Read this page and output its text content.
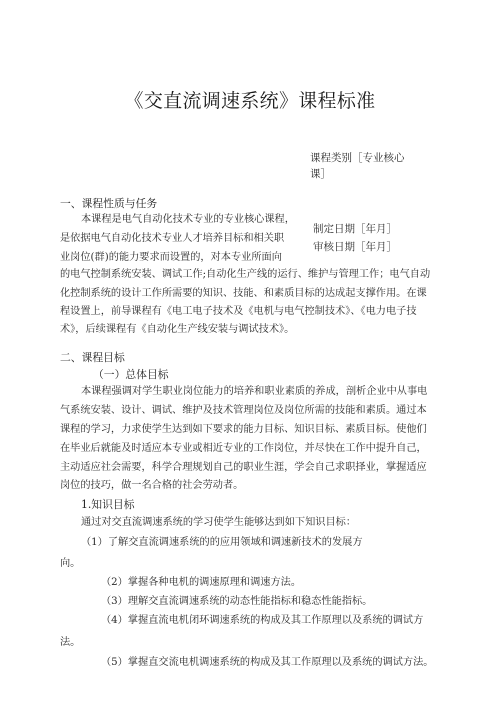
《交直流调速系统》课程标准
课程类别［专业核心
课］
一、课程性质与任务
本课程是电气自动化技术专业的专业核心课程，
制定日期［年月］
是依据电气自动化技术专业人才培养目标和相关职
审核日期［年月］
业岗位(群)的能力要求而设置的，对本专业所面向
的电气控制系统安装、调试工作;自动化生产线的运行、维护与管理工作；电气自动
化控制系统的设计工作所需要的知识、技能、和素质目标的达成起支撑作用。在课
程设置上，前导课程有《电工电子技术及《电机与电气控制技术》、《电力电子技
术》，后续课程有《自动化生产线安装与调试技术》。
二、课程目标
（一）总体目标
本课程强调对学生职业岗位能力的培养和职业素质的养成，剖析企业中从事电
气系统安装、设计、调试、维护及技术管理岗位及岗位所需的技能和素质。通过本
课程的学习，力求使学生达到如下要求的能力目标、知识目标、素质目标。使他们
在毕业后就能及时适应本专业或相近专业的工作岗位，并尽快在工作中提升自己，
主动适应社会需要，科学合理规划自己的职业生涯，学会自己求职择业，掌握适应
岗位的技巧，做一名合格的社会劳动者。
1.知识目标
通过对交直流调速系统的学习使学生能够达到如下知识目标：
（1）了解交直流调速系统的的应用领域和调速新技术的发展方
向。
（2）掌握各种电机的调速原理和调速方法。
（3）理解交直流调速系统的动态性能指标和稳态性能指标。
（4）掌握直流电机闭环调速系统的构成及其工作原理以及系统的调试方
法。
（5）掌握直交流电机调速系统的构成及其工作原理以及系统的调试方法。
